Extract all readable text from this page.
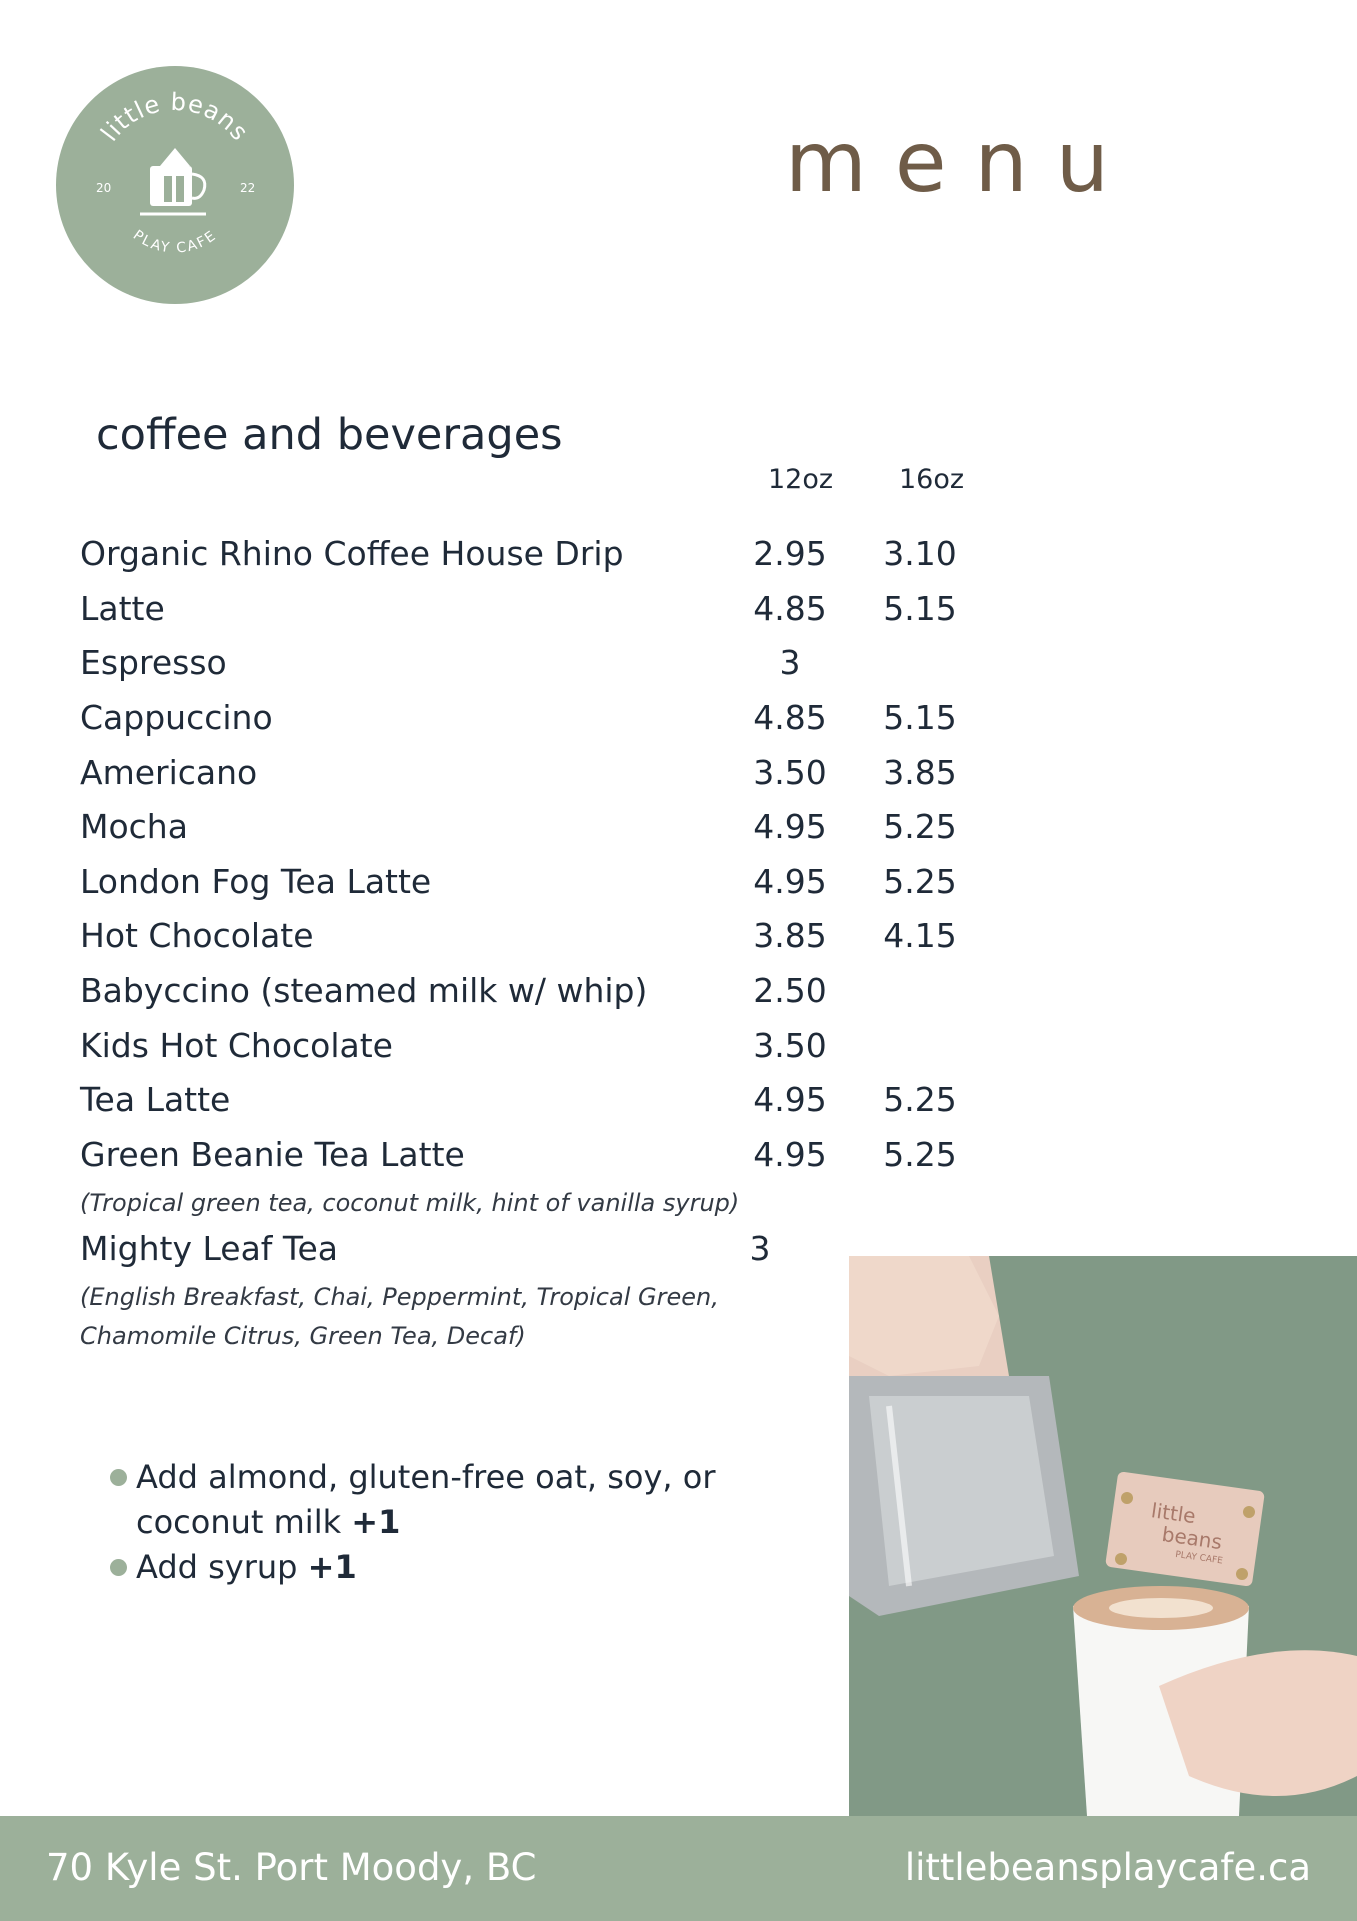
little beans
PLAY CAFE
20	22	menu
coffee and beverages
12oz 16oz
Organic Rhino Coffee House Drip	2.95	3.10
Latte	4.85	5.15
Espresso	3
Cappuccino	4.85	5.15
Americano	3.50	3.85
Mocha	4.95	5.25
London Fog Tea Latte	4.95	5.25
Hot Chocolate	3.85	4.15
Babyccino (steamed milk w/ whip)	2.50
Kids Hot Chocolate	3.50
Tea Latte	4.95	5.25
Green Beanie Tea Latte	4.95	5.25
(Tropical green tea, coconut milk, hint of vanilla syrup)
Mighty Leaf Tea	3
(English Breakfast, Chai, Peppermint, Tropical Green,
Chamomile Citrus, Green Tea, Decaf)
Add almond, gluten-free oat, soy, or
coconut milk +1
Add syrup +1
little
beans
PLAY CAFE
70 Kyle St. Port Moody, BC	littlebeansplaycafe.ca
